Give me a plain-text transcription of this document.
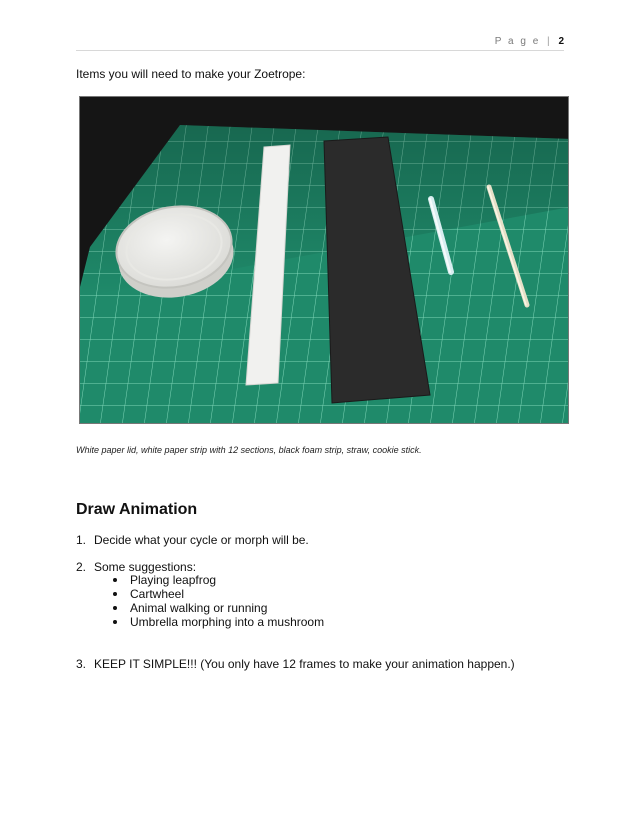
P a g e | 2
Items you will need to make your Zoetrope:
White paper lid, white paper strip with 12 sections, black foam strip, straw, cookie stick.
Draw Animation
1. Decide what your cycle or morph will be.
2. Some suggestions:
Playing leapfrog
Cartwheel
Animal walking or running
Umbrella morphing into a mushroom
3. KEEP IT SIMPLE!!! (You only have 12 frames to make your animation happen.)
